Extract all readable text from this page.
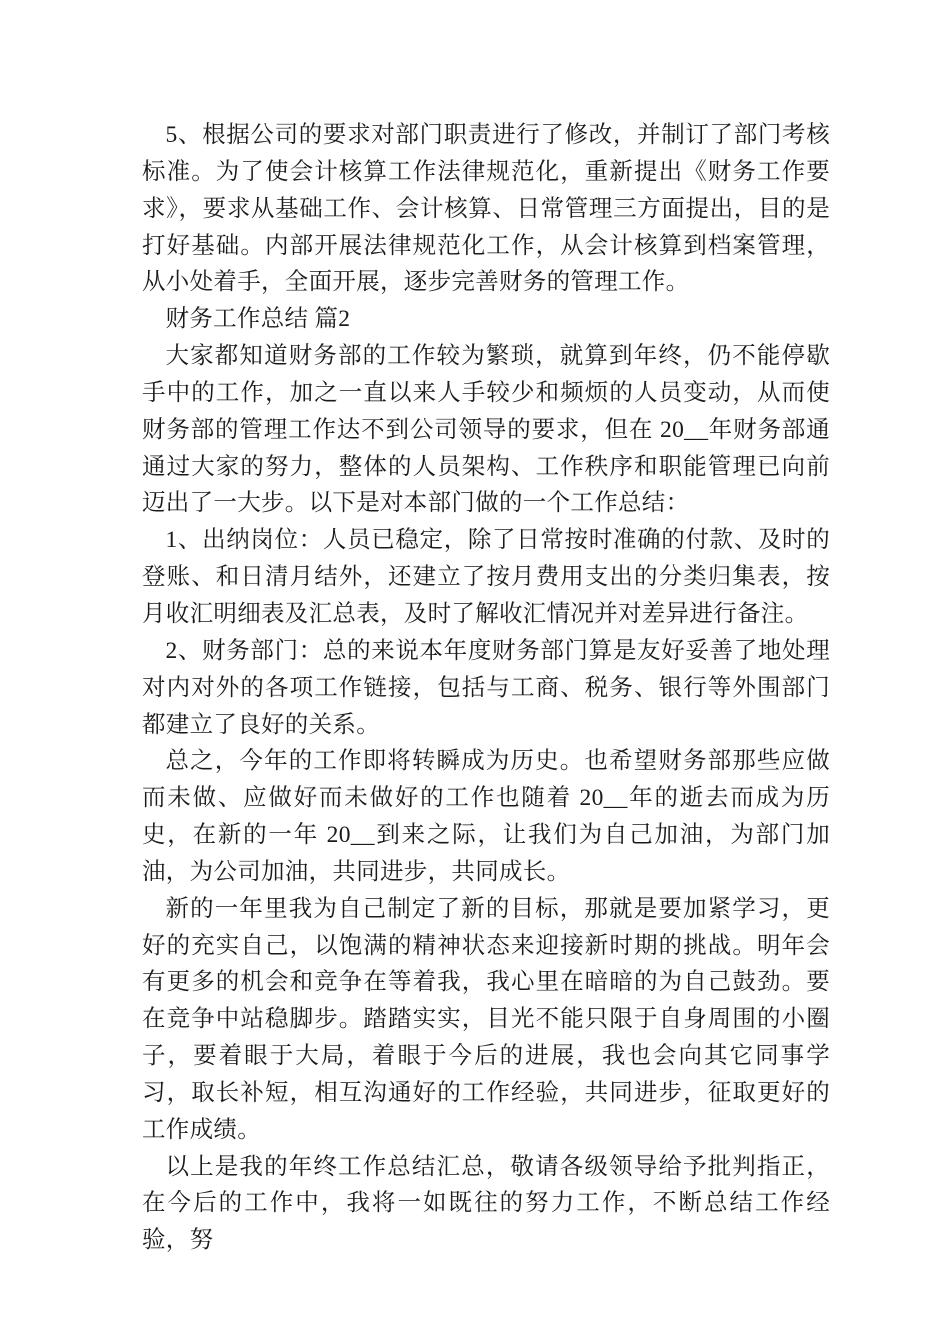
5、根据公司的要求对部门职责进行了修改，并制订了部门考核标准。为了使会计核算工作法律规范化，重新提出《财务工作要求》，要求从基础工作、会计核算、日常管理三方面提出，目的是打好基础。内部开展法律规范化工作，从会计核算到档案管理，从小处着手，全面开展，逐步完善财务的管理工作。

财务工作总结 篇2

大家都知道财务部的工作较为繁琐，就算到年终，仍不能停歇手中的工作，加之一直以来人手较少和频烦的人员变动，从而使财务部的管理工作达不到公司领导的要求，但在 20__年财务部通通过大家的努力，整体的人员架构、工作秩序和职能管理已向前迈出了一大步。以下是对本部门做的一个工作总结：

1、出纳岗位：人员已稳定，除了日常按时准确的付款、及时的登账、和日清月结外，还建立了按月费用支出的分类归集表，按月收汇明细表及汇总表，及时了解收汇情况并对差异进行备注。

2、财务部门：总的来说本年度财务部门算是友好妥善了地处理对内对外的各项工作链接，包括与工商、税务、银行等外围部门都建立了良好的关系。

总之，今年的工作即将转瞬成为历史。也希望财务部那些应做而未做、应做好而未做好的工作也随着 20__年的逝去而成为历史，在新的一年 20__到来之际，让我们为自己加油，为部门加油，为公司加油，共同进步，共同成长。

新的一年里我为自己制定了新的目标，那就是要加紧学习，更好的充实自己，以饱满的精神状态来迎接新时期的挑战。明年会有更多的机会和竞争在等着我，我心里在暗暗的为自己鼓劲。要在竞争中站稳脚步。踏踏实实，目光不能只限于自身周围的小圈子，要着眼于大局，着眼于今后的进展，我也会向其它同事学习，取长补短，相互沟通好的工作经验，共同进步，征取更好的工作成绩。

以上是我的年终工作总结汇总，敬请各级领导给予批判指正，在今后的工作中，我将一如既往的努力工作，不断总结工作经验，努
